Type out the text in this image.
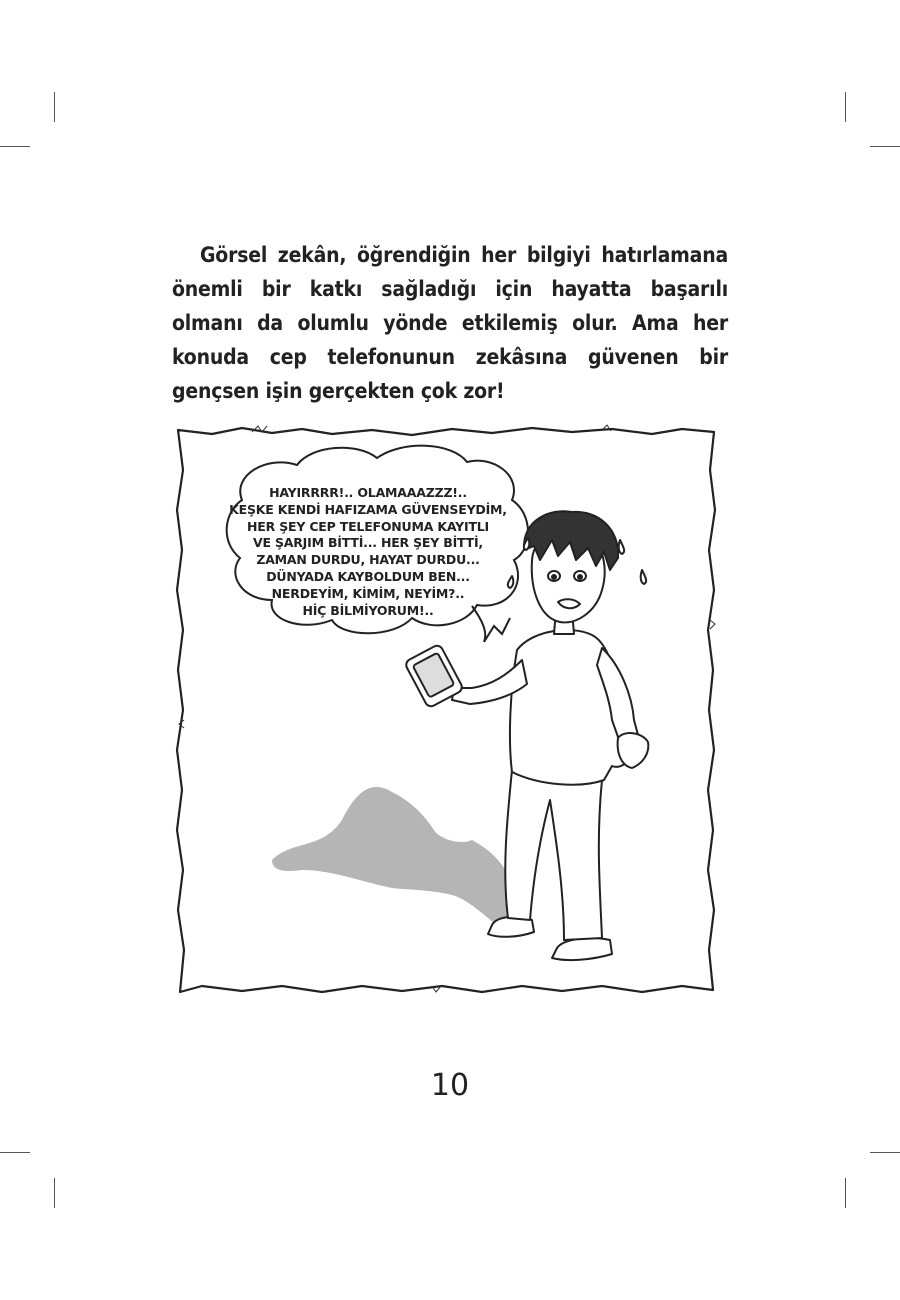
Görsel zekân, öğrendiğin her bilgiyi hatırlamana önemli bir katkı sağladığı için hayatta başarılı olmanı da olumlu yönde etkilemiş olur. Ama her konuda cep telefonunun zekâsına güvenen bir gençsen işin gerçekten çok zor!

HAYIRRRR!.. OLAMAAAZZZ!..
KEŞKE KENDİ HAFIZAMA GÜVENSEYDİM,
HER ŞEY CEP TELEFONUMA KAYITLI
VE ŞARJIM BİTTİ... HER ŞEY BİTTİ,
ZAMAN DURDU, HAYAT DURDU...
DÜNYADA KAYBOLDUM BEN...
NERDEYİM, KİMİM, NEYİM?..
HİÇ BİLMİYORUM!..
10
